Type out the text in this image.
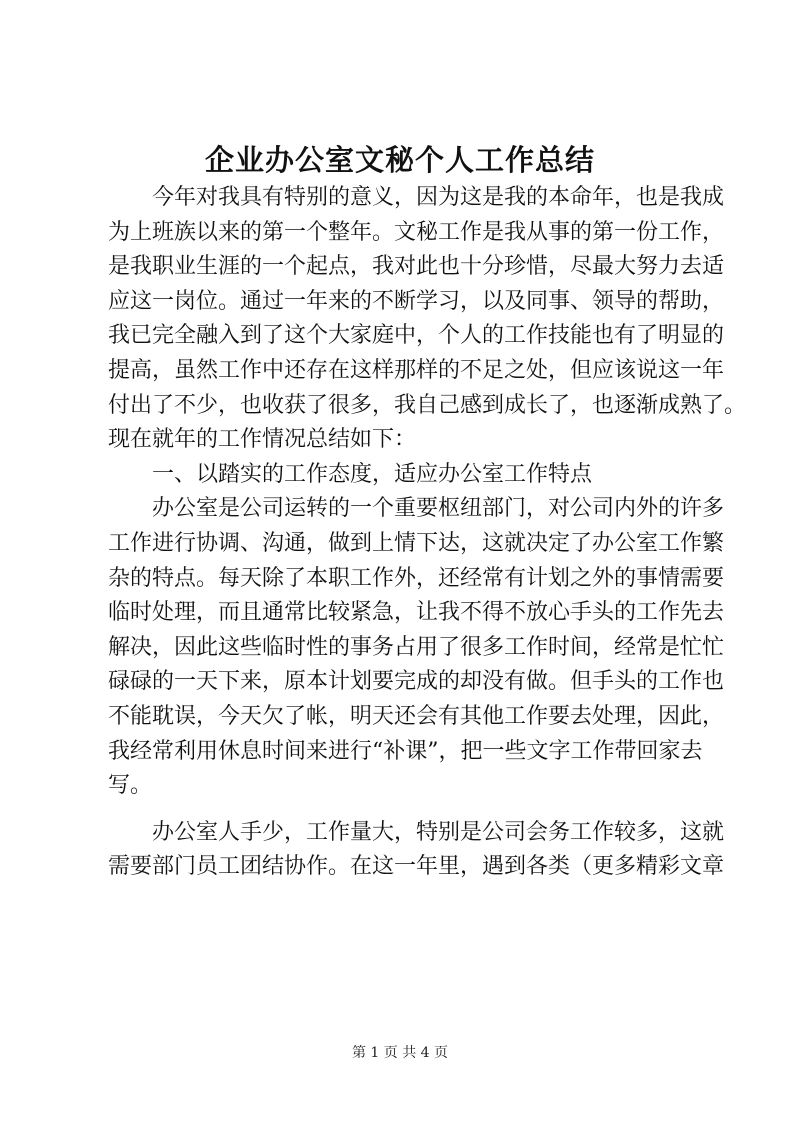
企业办公室文秘个人工作总结
今年对我具有特别的意义，因为这是我的本命年，也是我成
为上班族以来的第一个整年。文秘工作是我从事的第一份工作，
是我职业生涯的一个起点，我对此也十分珍惜，尽最大努力去适
应这一岗位。通过一年来的不断学习，以及同事、领导的帮助，
我已完全融入到了这个大家庭中，个人的工作技能也有了明显的
提高，虽然工作中还存在这样那样的不足之处，但应该说这一年
付出了不少，也收获了很多，我自己感到成长了，也逐渐成熟了。
现在就年的工作情况总结如下：
一、以踏实的工作态度，适应办公室工作特点
办公室是公司运转的一个重要枢纽部门，对公司内外的许多
工作进行协调、沟通，做到上情下达，这就决定了办公室工作繁
杂的特点。每天除了本职工作外，还经常有计划之外的事情需要
临时处理，而且通常比较紧急，让我不得不放心手头的工作先去
解决，因此这些临时性的事务占用了很多工作时间，经常是忙忙
碌碌的一天下来，原本计划要完成的却没有做。但手头的工作也
不能耽误，今天欠了帐，明天还会有其他工作要去处理，因此，
我经常利用休息时间来进行“补课”，把一些文字工作带回家去
写。
办公室人手少，工作量大，特别是公司会务工作较多，这就
需要部门员工团结协作。在这一年里，遇到各类（更多精彩文章
第 1 页 共 4 页
